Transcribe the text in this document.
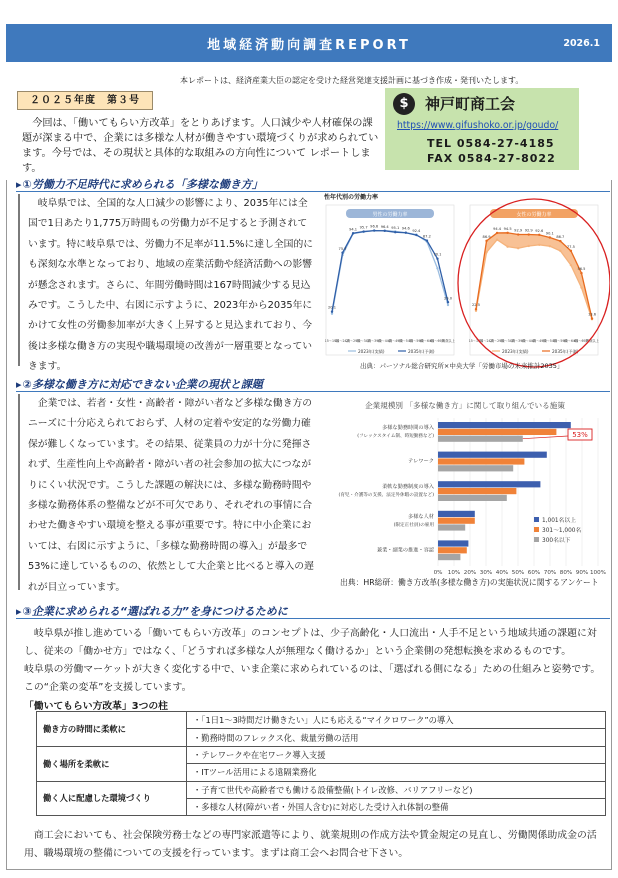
地域経済動向調査REPORT	2026.1
本レポートは、経済産業大臣の認定を受けた経営発達支援計画に基づき作成・発刊いたします。
２０２５年度　第３号

今回は、「働いてもらい方改革」をとりあげます。人口減少や人材確保の課題が深まる中で、企業には多様な人材が働きやすい環境づくりが求められています。今号では、その現状と具体的な取組みの方向性について レポートします。

$	神戸町商工会
https://www.gifushoko.or.jp/goudo/
TEL 0584-27-4185
FAX 0584-27-8022
▸①労働力不足時代に求められる「多様な働き方」

岐阜県では、全国的な人口減少の影響により、2035年には全国で1日あたり1,775万時間もの労働力が不足すると予測されています。特に岐阜県では、労働力不足率が11.5%に達し全国的にも深刻な水準となっており、地域の産業活動や経済活動への影響が懸念されます。さらに、年間労働時間は167時間減少する見込みです。こうした中、右図に示すように、2023年から2035年にかけて女性の労働参加率が大きく上昇すると見込まれており、今後は多様な働き方の実現や職場環境の改善が一層重要となっていきます。

性年代別の労働力率
男性の労働力率
20.1
75.7
94.1 95.7 96.6 96.4 95.1 94.6
92.4
87.2
70.1
29.0
15～19歳
20～24歳
25～29歳
30～34歳
35～39歳
40～44歳
45～49歳
50～54歳
55～59歳
60～64歳
65～69歳
70歳以上
2023年(実績)	2035年(予測)
女性の労働力率
22.5
86.9
94.4 94.5 92.9 92.9 92.6
90.1
86.7
77.5
56.5
13.6
15～19歳
20～24歳
25～29歳
30～34歳
35～39歳
40～44歳
45～49歳
50～54歳
55～59歳
60～64歳
65～69歳
70歳以上
2023年(実績)	2035年(予測)
出典：パーソナル総合研究所×中央大学「労働市場の未来推計2035」
▸②多様な働き方に対応できない企業の現状と課題

企業では、若者・女性・高齢者・障がい者など多様な働き方のニーズに十分応えられておらず、人材の定着や安定的な労働力確保が難しくなっています。その結果、従業員の力が十分に発揮されず、生産性向上や高齢者・障がい者の社会参加の拡大につながりにくい状況です。こうした課題の解決には、多様な勤務時間や多様な勤務体系の整備などが不可欠であり、それぞれの事情に合わせた働きやすい環境を整える事が重要です。特に中小企業においては、右図に示すように、「多様な勤務時間の導入」が最多で53%に達しているものの、依然として大企業と比べると導入の遅れが目立っています。

企業規模別 「多様な働き方」に関して取り組んでいる施策
0% 10% 20% 30% 40% 50% 60% 70% 80% 90% 100%
多様な勤務時間の導入
(フレックスタイム制、時短勤務など)
テレワーク
柔軟な勤務制度の導入
(育児・介護等の支援、法定外休暇の設置など)
多様な人材
(限定正社員)の雇用
兼業・副業の推進・容認
53%
1,001名以上
301～1,000名
300名以下
出典：HR総研：働き方改革(多様な働き方)の実施状況に関するアンケート
▸③企業に求められる“選ばれる力”を身につけるために

岐阜県が推し進めている「働いてもらい方改革」のコンセプトは、少子高齢化・人口流出・人手不足という地域共通の課題に対し、従来の「働かせ方」ではなく、「どうすれば多様な人が無理なく働けるか」という企業側の発想転換を求めるものです。

岐阜県の労働マーケットが大きく変化する中で、いま企業に求められているのは、「選ばれる側になる」ための仕組みと姿勢です。この“企業の変革”を支援しています。

「働いてもらい方改革」3つの柱
働き方の時間に柔軟に	・「1日1～3時間だけ働きたい」人にも応える“マイクロワーク”の導入
	・勤務時間のフレックス化、裁量労働の活用
働く場所を柔軟に	・テレワークや在宅ワーク導入支援
	・ITツール活用による遠隔業務化
働く人に配慮した環境づくり	・子育て世代や高齢者でも働ける設備整備(トイレ改修、バリアフリーなど)
	・多様な人材(障がい者・外国人含む)に対応した受け入れ体制の整備

商工会においても、社会保険労務士などの専門家派遣等により、就業規則の作成方法や賃金規定の見直し、労働関係助成金の活用、職場環境の整備についての支援を行っています。まずは商工会へお問合せ下さい。
